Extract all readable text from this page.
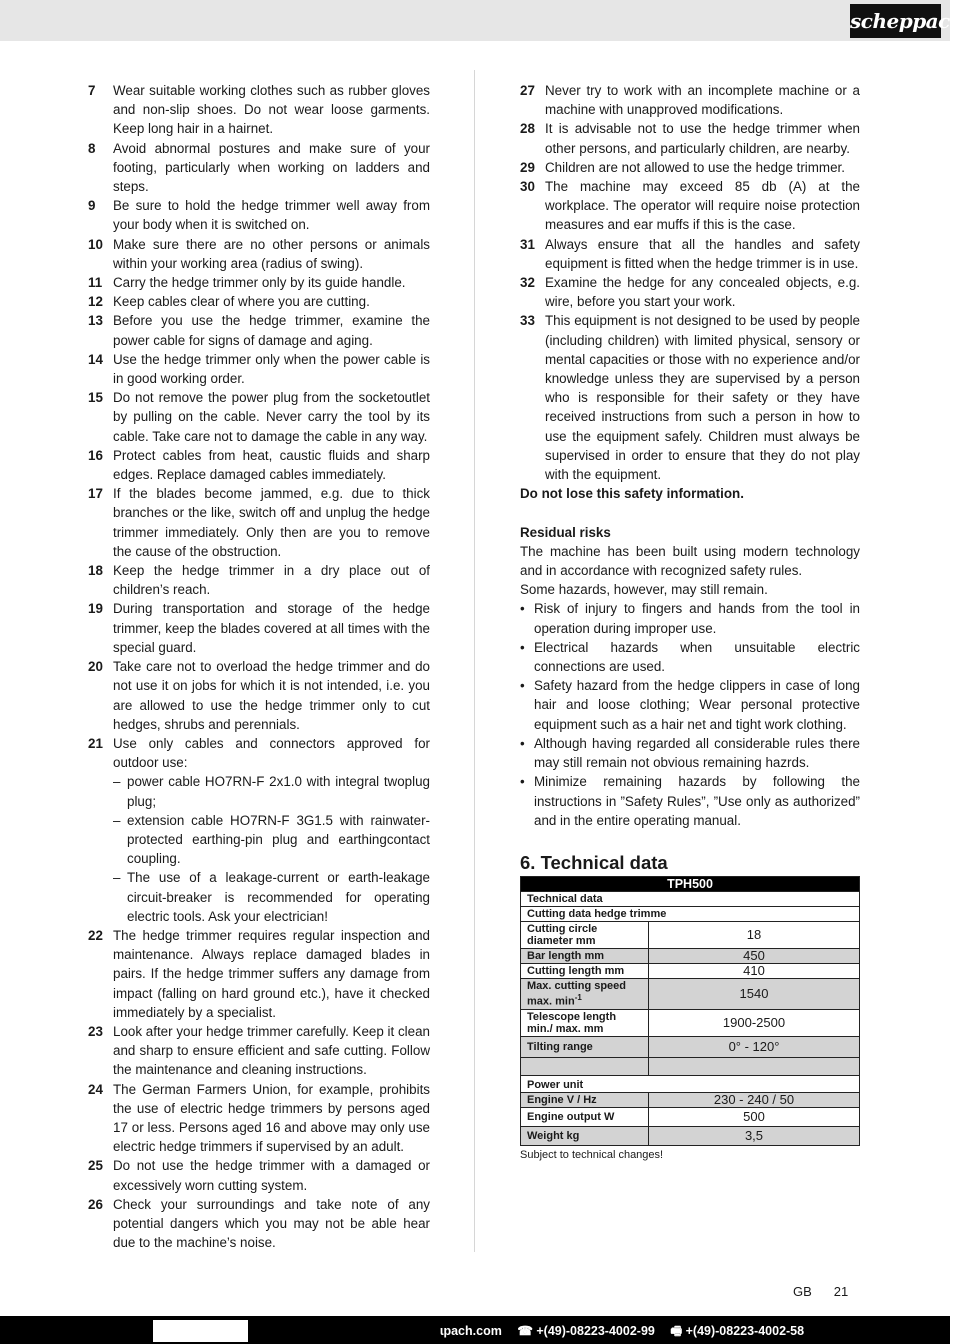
scheppach
7	Wear suitable working clothes such as rubber gloves and non-slip shoes. Do not wear loose garments. Keep long hair in a hairnet.
8	Avoid abnormal postures and make sure of your footing, particularly when working on ladders and steps.
9	Be sure to hold the hedge trimmer well away from your body when it is switched on.
10 Make sure there are no other persons or animals within your working area (radius of swing).
11 Carry the hedge trimmer only by its guide handle.
12 Keep cables clear of where you are cutting.
13 Before you use the hedge trimmer, examine the power cable for signs of damage and aging.
14 Use the hedge trimmer only when the power cable is in good working order.
15 Do not remove the power plug from the socketoutlet by pulling on the cable. Never carry the tool by its cable. Take care not to damage the cable in any way.
16 Protect cables from heat, caustic fluids and sharp edges. Replace damaged cables immediately.
17 If the blades become jammed, e.g. due to thick branches or the like, switch off and unplug the hedge trimmer immediately. Only then are you to remove the cause of the obstruction.
18 Keep the hedge trimmer in a dry place out of children’s reach.
19 During transportation and storage of the hedge trimmer, keep the blades covered at all times with the special guard.
20 Take care not to overload the hedge trimmer and do not use it on jobs for which it is not intended, i.e. you are allowed to use the hedge trimmer only to cut hedges, shrubs and perennials.
21 Use only cables and connectors approved for outdoor use:
– power cable HO7RN-F 2x1.0 with integral twoplug plug;
– extension cable HO7RN-F 3G1.5 with rainwater-protected earthing-pin plug and earthingcontact coupling.
– The use of a leakage-current or earth-leakage circuit-breaker is recommended for operating electric tools. Ask your electrician!
22 The hedge trimmer requires regular inspection and maintenance. Always replace damaged blades in pairs. If the hedge trimmer suffers any damage from impact (falling on hard ground etc.), have it checked immediately by a specialist.
23 Look after your hedge trimmer carefully. Keep it clean and sharp to ensure efficient and safe cutting. Follow the maintenance and cleaning instructions.
24 The German Farmers Union, for example, prohibits the use of electric hedge trimmers by persons aged 17 or less. Persons aged 16 and above may only use electric hedge trimmers if supervised by an adult.
25 Do not use the hedge trimmer with a damaged or excessively worn cutting system.
26 Check your surroundings and take note of any potential dangers which you may not be able hear due to the machine’s noise.
27 Never try to work with an incomplete machine or a machine with unapproved modifications.
28 It is advisable not to use the hedge trimmer when other persons, and particularly children, are nearby.
29 Children are not allowed to use the hedge trimmer.
30 The machine may exceed 85 db (A) at the workplace. The operator will require noise protection measures and ear muffs if this is the case.
31 Always ensure that all the handles and safety equipment is fitted when the hedge trimmer is in use.
32 Examine the hedge for any concealed objects, e.g. wire, before you start your work.
33 This equipment is not designed to be used by people (including children) with limited physical, sensory or mental capacities or those with no experience and/or knowledge unless they are supervised by a person who is responsible for their safety or they have received instructions from such a person in how to use the equipment safely. Children must always be supervised in order to ensure that they do not play with the equipment.
Do not lose this safety information.
Residual risks
The machine has been built using modern technology and in accordance with recognized safety rules.
Some hazards, however, may still remain.
• Risk of injury to fingers and hands from the tool in operation during improper use.
• Electrical hazards when unsuitable electric connections are used.
• Safety hazard from the hedge clippers in case of long hair and loose clothing; Wear personal protective equipment such as a hair net and tight work clothing.
• Although having regarded all considerable rules there may still remain not obvious remaining hazrds.
• Minimize remaining hazards by following the instructions in ”Safety Rules”, ”Use only as authorized” and in the entire operating manual.
6. Technical data
TPH500	
Technical data	
Cutting data hedge trimme	
Cutting circle diameter mm	18
Bar length mm	450
Cutting length mm	410
Max. cutting speed max. $\min^{-1}$	1540
Telescope length min./ max. mm	1900-2500
Tilting range	0° - 120°

Power unit	
Engine V / Hz	230 - 240 / 50
Engine output W	500
Weight kg	3,5
Subject to technical changes!
GB 21
ɩpach.com ☎ +(49)-08223-4002-99 🖷 +(49)-08223-4002-58
